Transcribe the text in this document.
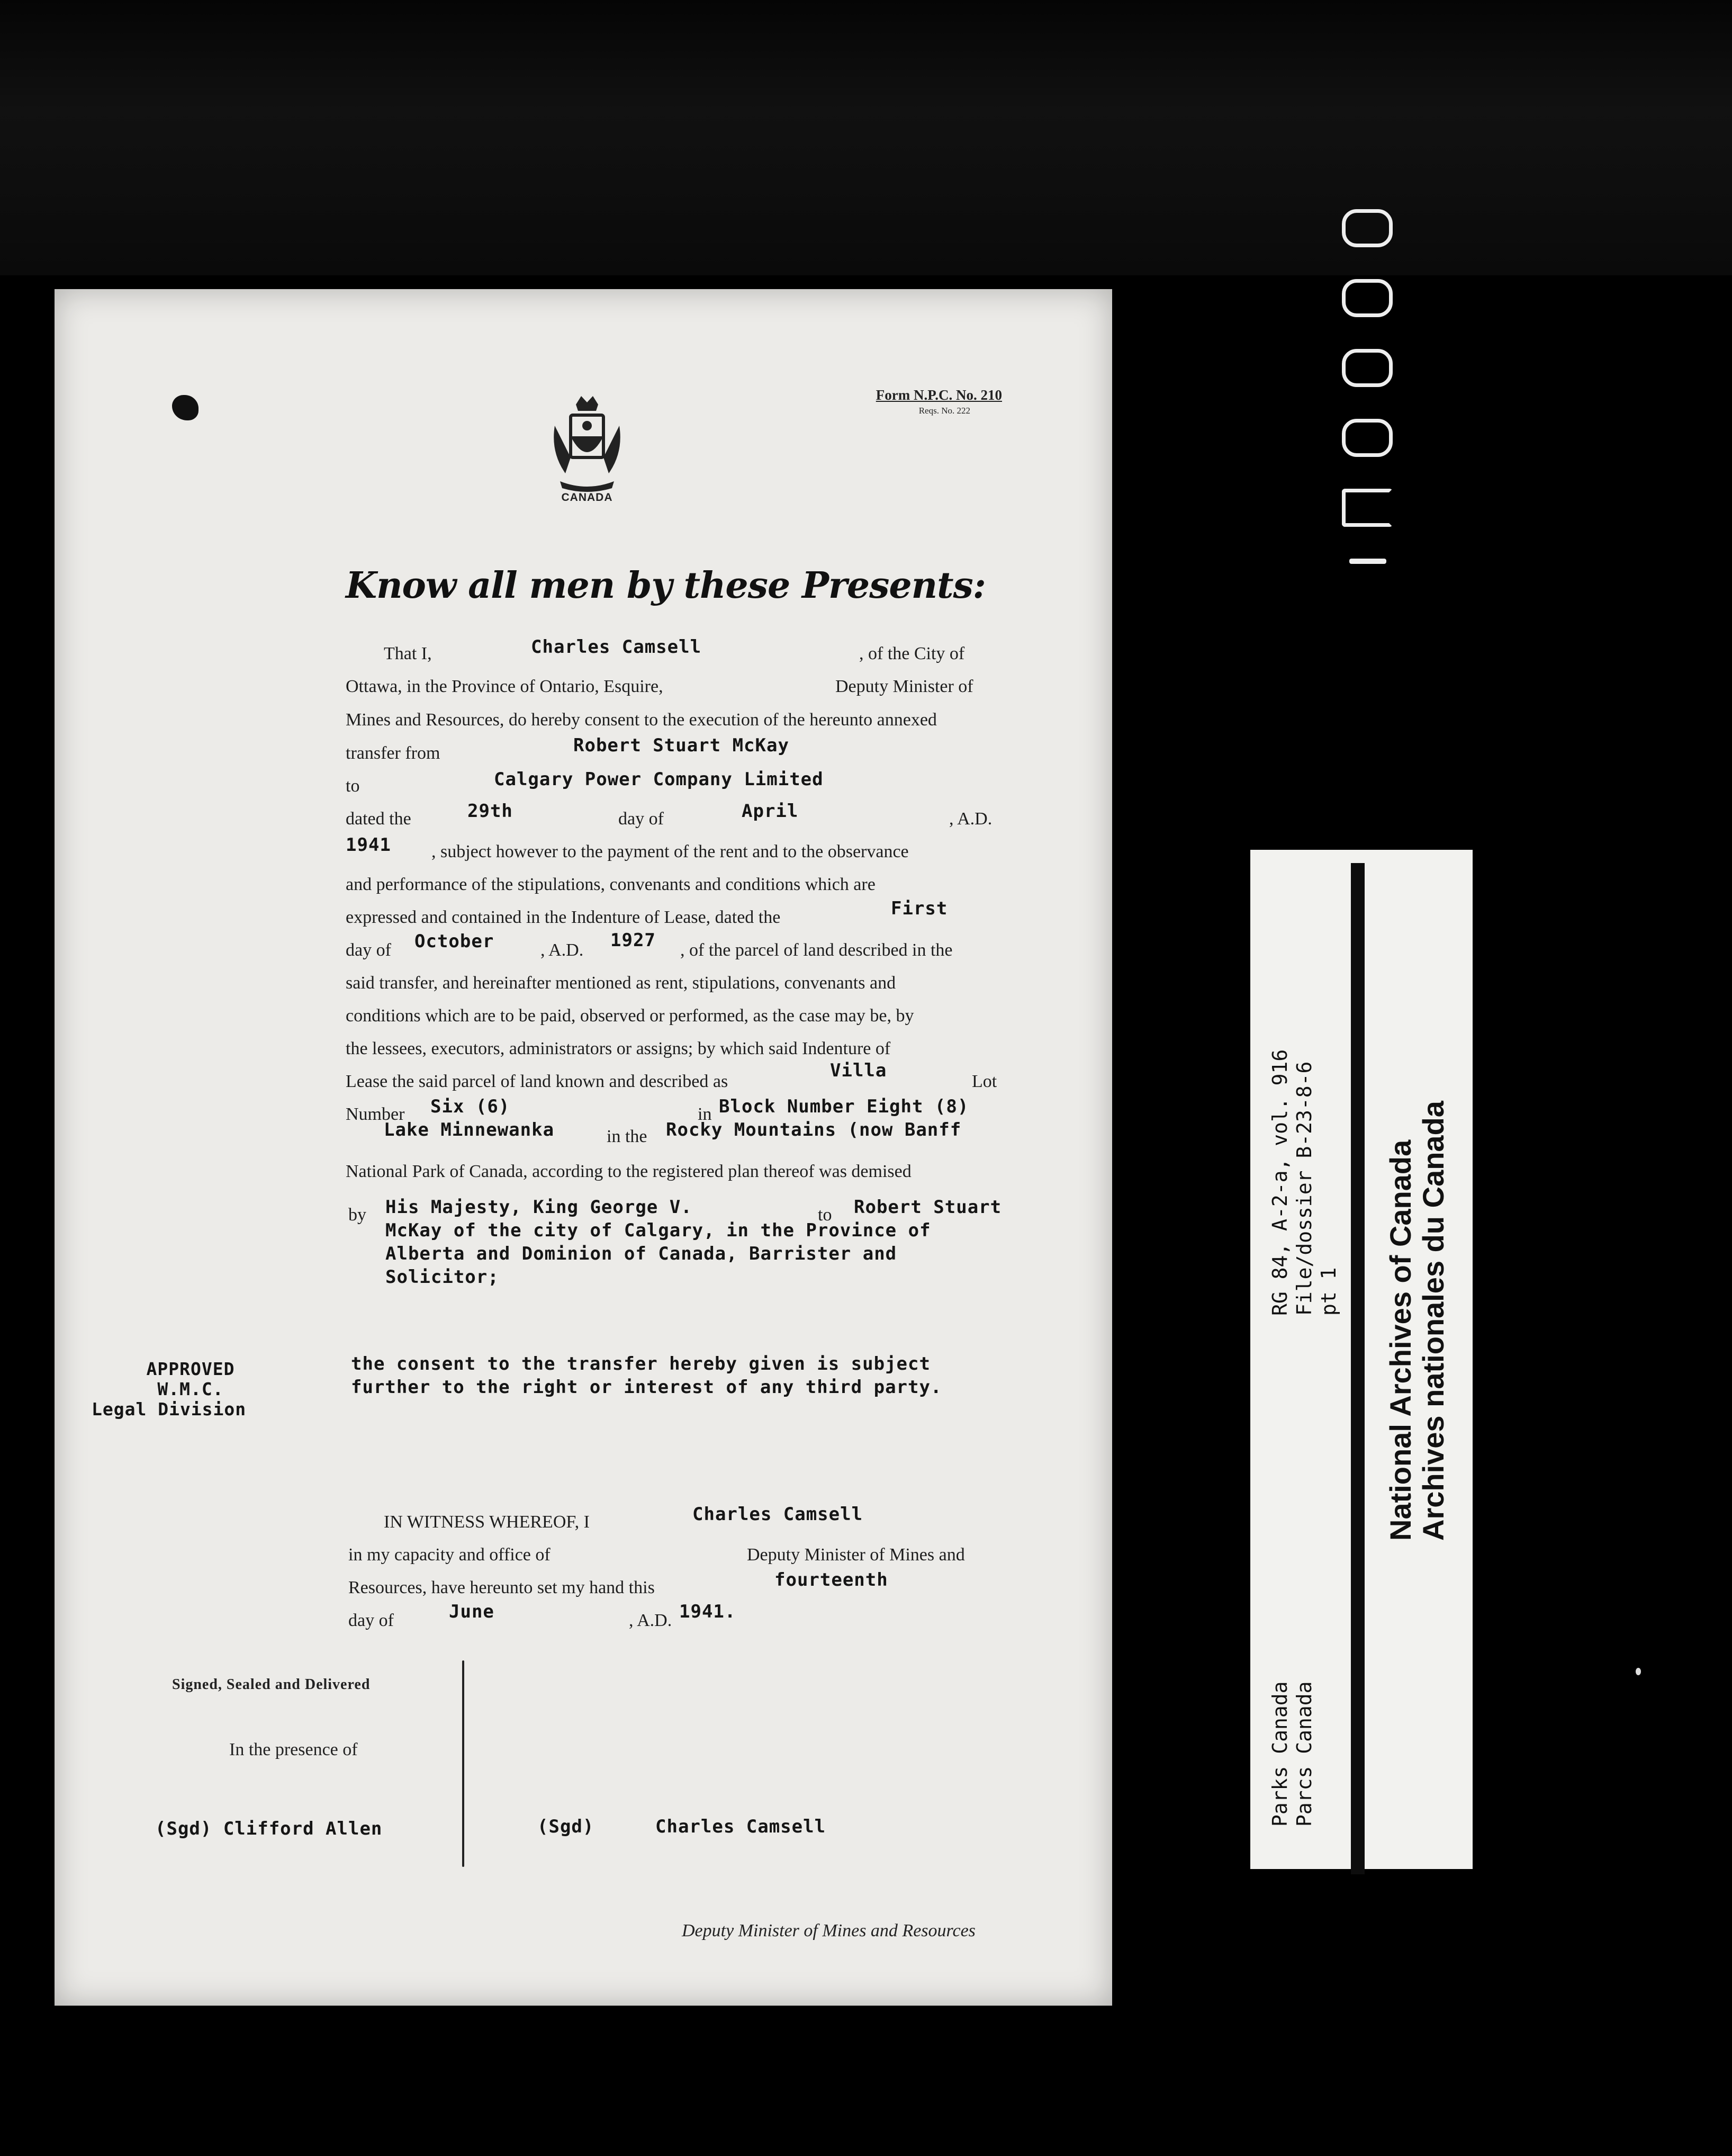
Form N.P.C. No. 210
Reqs. No. 222
CANADA
Know all men by these Presents:
That I,	Charles Camsell	, of the City of
Ottawa, in the Province of Ontario, Esquire,	Deputy Minister of
Mines and Resources, do hereby consent to the execution of the hereunto annexed
transfer from	Robert Stuart McKay
to	Calgary Power Company Limited
dated the	29th	day of	April	, A.D.
1941 , subject however to the payment of the rent and to the observance
and performance of the stipulations, convenants and conditions which are
expressed and contained in the Indenture of Lease, dated the	First
day of October	, A.D. 1927 , of the parcel of land described in the
said transfer, and hereinafter mentioned as rent, stipulations, convenants and
conditions which are to be paid, observed or performed, as the case may be, by
the lessees, executors, administrators or assigns; by which said Indenture of
Lease the said parcel of land known and described as
Villa
Lot
Number Six (6)	in Block Number Eight (8)
Lake Minnewanka	in the Rocky Mountains (now Banff
National Park of Canada, according to the registered plan thereof was demised
by His Majesty, King George V.	to Robert Stuart
McKay of the city of Calgary, in the Province of
Alberta and Dominion of Canada, Barrister and
Solicitor;
APPROVED
W.M.C.
Legal Division
the consent to the transfer hereby given is subject
further to the right or interest of any third party.
IN WITNESS WHEREOF, I	Charles Camsell
in my capacity and office of	Deputy Minister of Mines and
Resources, have hereunto set my hand this	fourteenth
day of	June	, A.D. 1941.
Signed, Sealed and Delivered
In the presence of
(Sgd) Clifford Allen	(Sgd)	Charles Camsell
Deputy Minister of Mines and Resources
RG 84, A-2-a, vol. 916 File/dossier B-23-8-6 pt 1
Parks Canada Parcs Canada
National Archives of Canada Archives nationales du Canada
